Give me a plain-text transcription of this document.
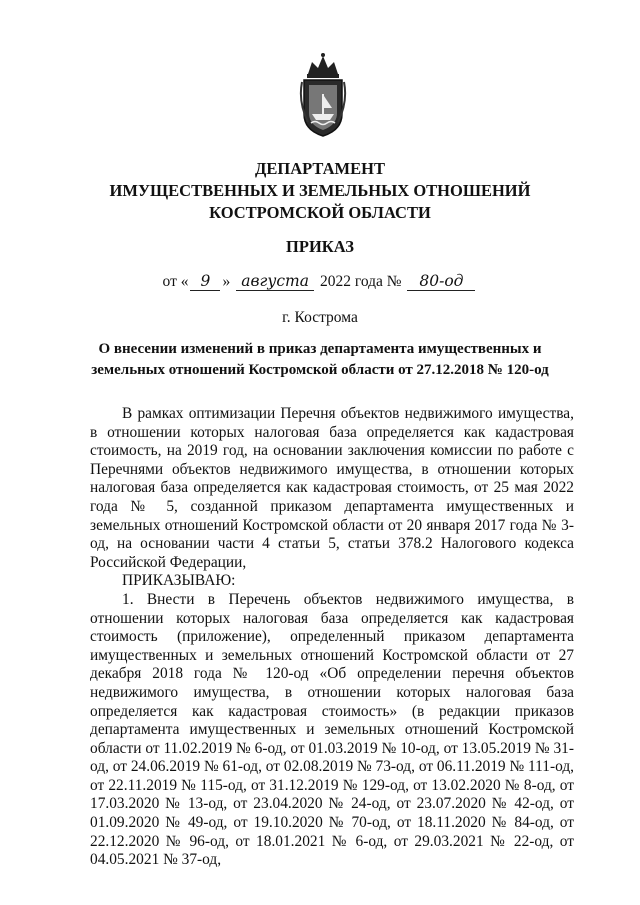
ДЕПАРТАМЕНТ
ИМУЩЕСТВЕННЫХ И ЗЕМЕЛЬНЫХ ОТНОШЕНИЙ
КОСТРОМСКОЙ ОБЛАСТИ
ПРИКАЗ
от « 9 » августа 2022 года № 80-од
г. Кострома
О внесении изменений в приказ департамента имущественных и
земельных отношений Костромской области от 27.12.2018 № 120-од

В рамках оптимизации Перечня объектов недвижимого имущества, в отношении которых налоговая база определяется как кадастровая стоимость, на 2019 год, на основании заключения комиссии по работе с Перечнями объектов недвижимого имущества, в отношении которых налоговая база определяется как кадастровая стоимость, от 25 мая 2022 года № 5, созданной приказом департамента имущественных и земельных отношений Костромской области от 20 января 2017 года № 3-од, на основании части 4 статьи 5, статьи 378.2 Налогового кодекса Российской Федерации,

ПРИКАЗЫВАЮ:

1. Внести в Перечень объектов недвижимого имущества, в отношении которых налоговая база определяется как кадастровая стоимость (приложение), определенный приказом департамента имущественных и земельных отношений Костромской области от 27 декабря 2018 года № 120-од «Об определении перечня объектов недвижимого имущества, в отношении которых налоговая база определяется как кадастровая стоимость» (в редакции приказов департамента имущественных и земельных отношений Костромской области от 11.02.2019 № 6-од, от 01.03.2019 № 10-од, от 13.05.2019 № 31-од, от 24.06.2019 № 61-од, от 02.08.2019 № 73-од, от 06.11.2019 № 111-од, от 22.11.2019 № 115-од, от 31.12.2019 № 129-од, от 13.02.2020 № 8-од, от 17.03.2020 № 13-од, от 23.04.2020 № 24-од, от 23.07.2020 № 42-од, от 01.09.2020 № 49-од, от 19.10.2020 № 70-од, от 18.11.2020 № 84-од, от 22.12.2020 № 96-од, от 18.01.2021 № 6-од, от 29.03.2021 № 22-од, от 04.05.2021 № 37-од,
